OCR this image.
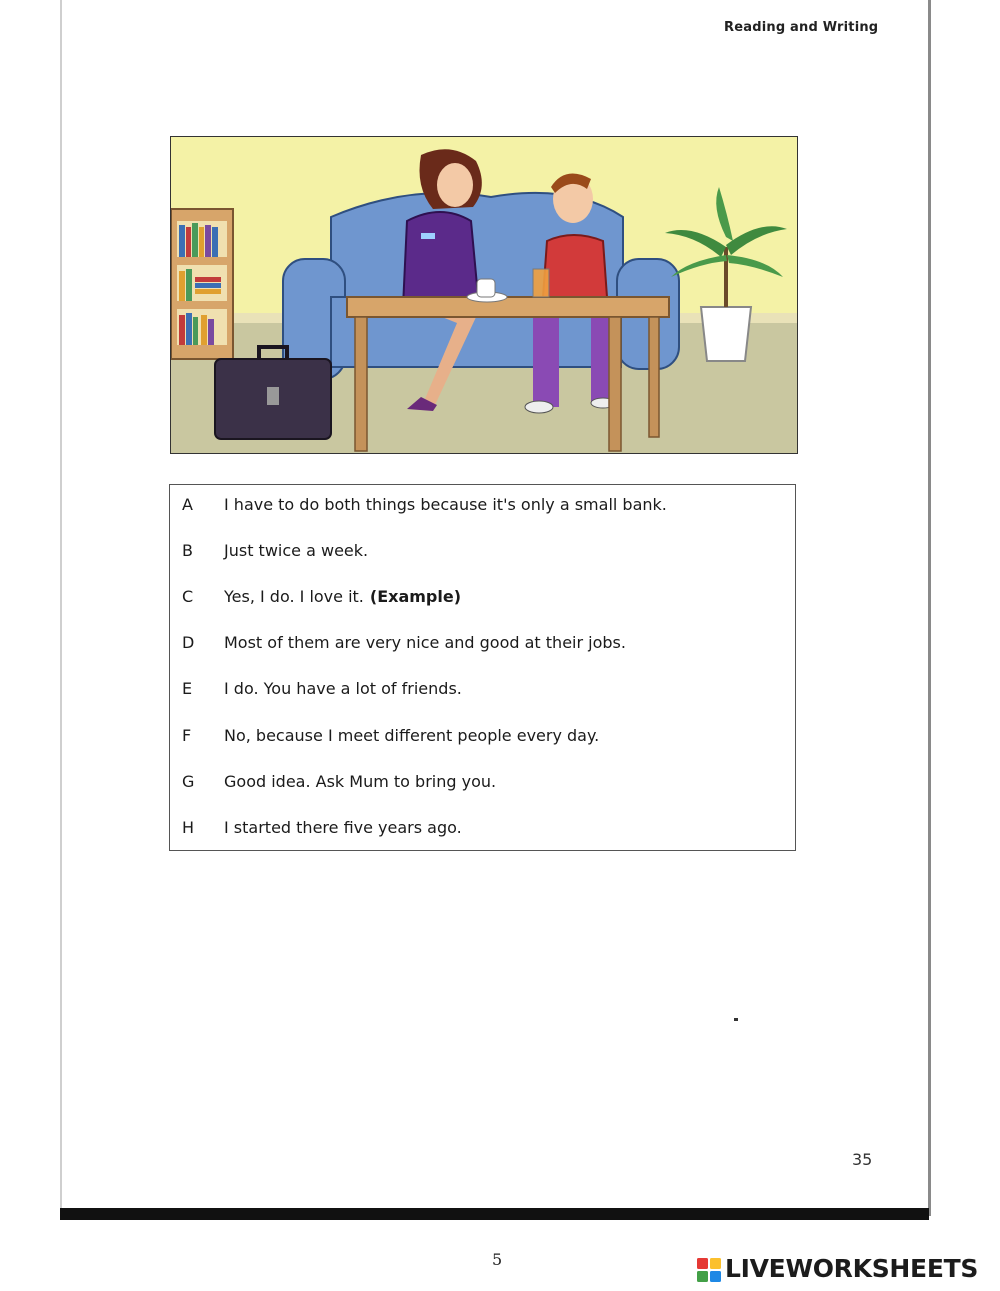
Reading and Writing
A I have to do both things because it's only a small bank.
B Just twice a week.
C Yes, I do. I love it. (Example)
D Most of them are very nice and good at their jobs.
E I do. You have a lot of friends.
F No, because I meet different people every day.
G Good idea. Ask Mum to bring you.
H I started there five years ago.
35
5	LIVEWORKSHEETS
